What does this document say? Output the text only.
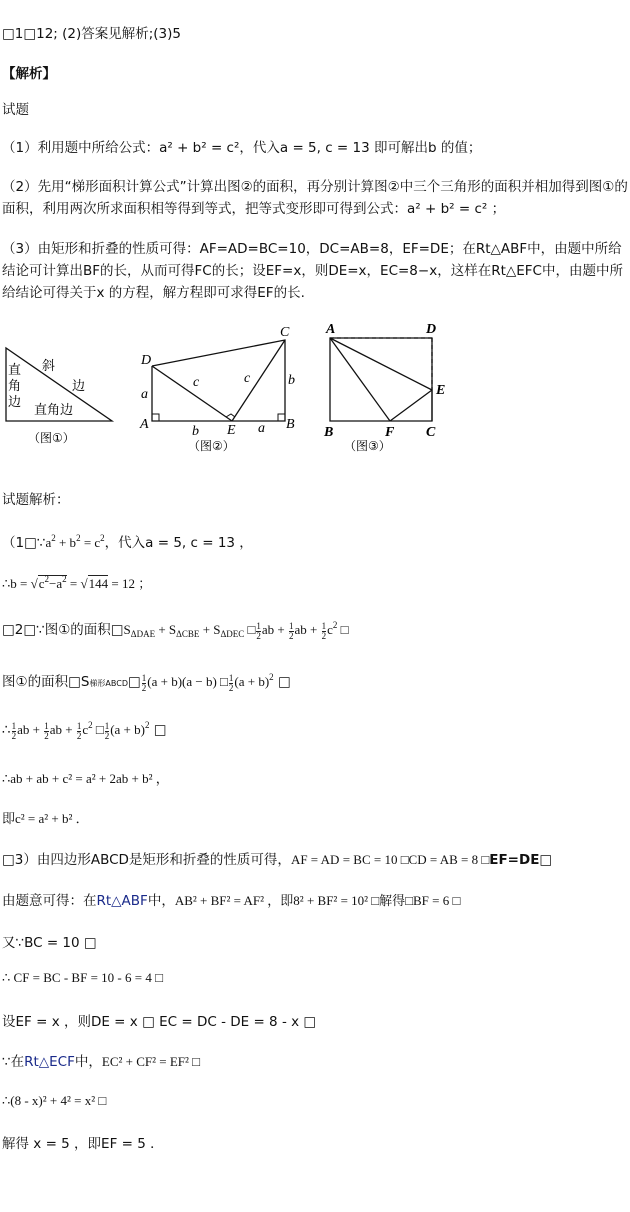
□1□12; (2)答案见解析;(3)5
【解析】
试题
（1）利用题中所给公式：a² + b² = c²，代入a = 5, c = 13 即可解出b 的值；
（2）先用“梯形面积计算公式”计算出图②的面积，再分别计算图②中三个三角形的面积并相加得到图①的面积，利用两次所求面积相等得到等式，把等式变形即可得到公式：a² + b² = c² ；
（3）由矩形和折叠的性质可得：AF=AD=BC=10，DC=AB=8，EF=DE；在Rt△ABF中，由题中所给结论可计算出BF的长，从而可得FC的长；设EF=x，则DE=x，EC=8−x，这样在Rt△EFC中，由题中所给结论可得关于x 的方程，解方程即可求得EF的长.
斜
边
直
角
边
直角边
（图①）
D
C
A	E	B
a
b
c	c	b
a
（图②）
A	D
E
B	F C
（图③）
试题解析：
（$1□\because a^2 + b^2 = c^2$，代入a = 5, c = 13 ，
∴b = $√c^2-a^2 = √144 = 12$ ；
□2□∵图①的面积$□S_{\Delta DAE} + S_{\Delta CBE} + S_{\Delta DEC}$ □ $\frac{1}{2}$ ab + $\frac{1}{2}$ ab + $\frac{1}{2} c^2$ □
图①的面积□S梯形ABCD□ $\frac{1}{2} (a + b)(a - b)$ □ $\frac{1}{2} (a + b)^2$ □
∴ $\frac{1}{2}$ ab + $\frac{1}{2}$ ab + $\frac{1}{2} c^2$ □ $\frac{1}{2} (a + b)^2$ □
∴ab + ab + c² = a² + 2ab + b² ，
即c² = a² + b² ．
□3）由四边形ABCD是矩形和折叠的性质可得，AF = AD = BC = 10 □CD = AB = 8 □EF=DE□
由题意可得：在Rt△ABF中，AB² + BF² = AF² ，即8² + BF² = 10² □解得□BF = 6 □
又∵BC = 10 □
∴ CF = BC - BF = 10 - 6 = 4 □
设EF = x ，则DE = x □ EC = DC - DE = 8 - x □
∵在Rt△ECF中，EC² + CF² = EF² □
∴(8 - x)² + 4² = x² □
解得 x = 5 ，即EF = 5 ．
